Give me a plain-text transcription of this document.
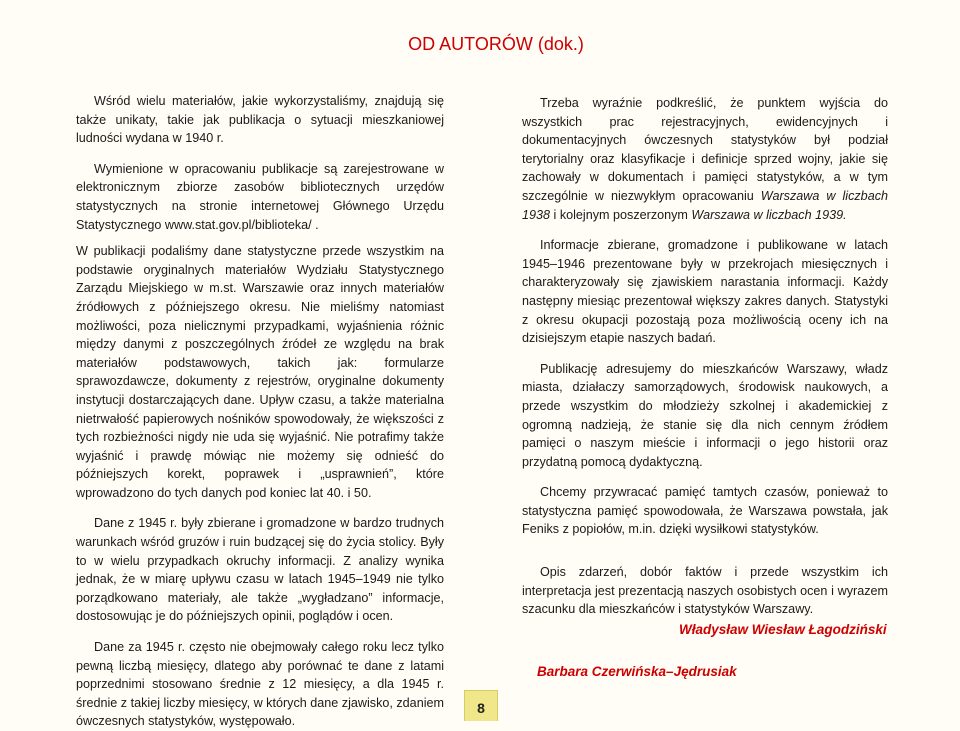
OD AUTORÓW (dok.)

Wśród wielu materiałów, jakie wykorzystaliśmy, znajdują się także unikaty, takie jak publikacja o sytuacji mieszkaniowej ludności wydana w 1940 r.

Wymienione w opracowaniu publikacje są zarejestrowane w elektronicznym zbiorze zasobów bibliotecznych urzędów statystycznych na stronie internetowej Głównego Urzędu Statystycznego www.stat.gov.pl/biblioteka/ .

W publikacji podaliśmy dane statystyczne przede wszystkim na podstawie oryginalnych materiałów Wydziału Statystycznego Zarządu Miejskiego w m.st. Warszawie oraz innych materiałów źródłowych z późniejszego okresu. Nie mieliśmy natomiast możliwości, poza nielicznymi przypadkami, wyjaśnienia różnic między danymi z poszczególnych źródeł ze względu na brak materiałów podstawowych, takich jak: formularze sprawozdawcze, dokumenty z rejestrów, oryginalne dokumenty instytucji dostarczających dane. Upływ czasu, a także materialna nietrwałość papierowych nośników spowodowały, że większości z tych rozbieżności nigdy nie uda się wyjaśnić. Nie potrafimy także wyjaśnić i prawdę mówiąc nie możemy się odnieść do późniejszych korekt, poprawek i „usprawnień”, które wprowadzono do tych danych pod koniec lat 40. i 50.

Dane z 1945 r. były zbierane i gromadzone w bardzo trudnych warunkach wśród gruzów i ruin budzącej się do życia stolicy. Były to w wielu przypadkach okruchy informacji. Z analizy wynika jednak, że w miarę upływu czasu w latach 1945–1949 nie tylko porządkowano materiały, ale także „wygładzano” informacje, dostosowując je do późniejszych opinii, poglądów i ocen.

Dane za 1945 r. często nie obejmowały całego roku lecz tylko pewną liczbą miesięcy, dlatego aby porównać te dane z latami poprzednimi stosowano średnie z 12 miesięcy, a dla 1945 r. średnie z takiej liczby miesięcy, w których dane zjawisko, zdaniem ówczesnych statystyków, występowało.

Trzeba wyraźnie podkreślić, że punktem wyjścia do wszystkich prac rejestracyjnych, ewidencyjnych i dokumentacyjnych ówczesnych statystyków był podział terytorialny oraz klasyfikacje i definicje sprzed wojny, jakie się zachowały w dokumentach i pamięci statystyków, a w tym szczególnie w niezwykłym opracowaniu Warszawa w liczbach 1938 i kolejnym poszerzonym Warszawa w liczbach 1939.

Informacje zbierane, gromadzone i publikowane w latach 1945–1946 prezentowane były w przekrojach miesięcznych i charakteryzowały się zjawiskiem narastania informacji. Każdy następny miesiąc prezentował większy zakres danych. Statystyki z okresu okupacji pozostają poza możliwością oceny ich na dzisiejszym etapie naszych badań.

Publikację adresujemy do mieszkańców Warszawy, władz miasta, działaczy samorządowych, środowisk naukowych, a przede wszystkim do młodzieży szkolnej i akademickiej z ogromną nadzieją, że stanie się dla nich cennym źródłem pamięci o naszym mieście i informacji o jego historii oraz przydatną pomocą dydaktyczną.

Chcemy przywracać pamięć tamtych czasów, ponieważ to statystyczna pamięć spowodowała, że Warszawa powstała, jak Feniks z popiołów, m.in. dzięki wysiłkowi statystyków.

Opis zdarzeń, dobór faktów i przede wszystkim ich interpretacja jest prezentacją naszych osobistych ocen i wyrazem szacunku dla mieszkańców i statystyków Warszawy.

Władysław Wiesław Łagodziński
Barbara Czerwińska–Jędrusiak
8
